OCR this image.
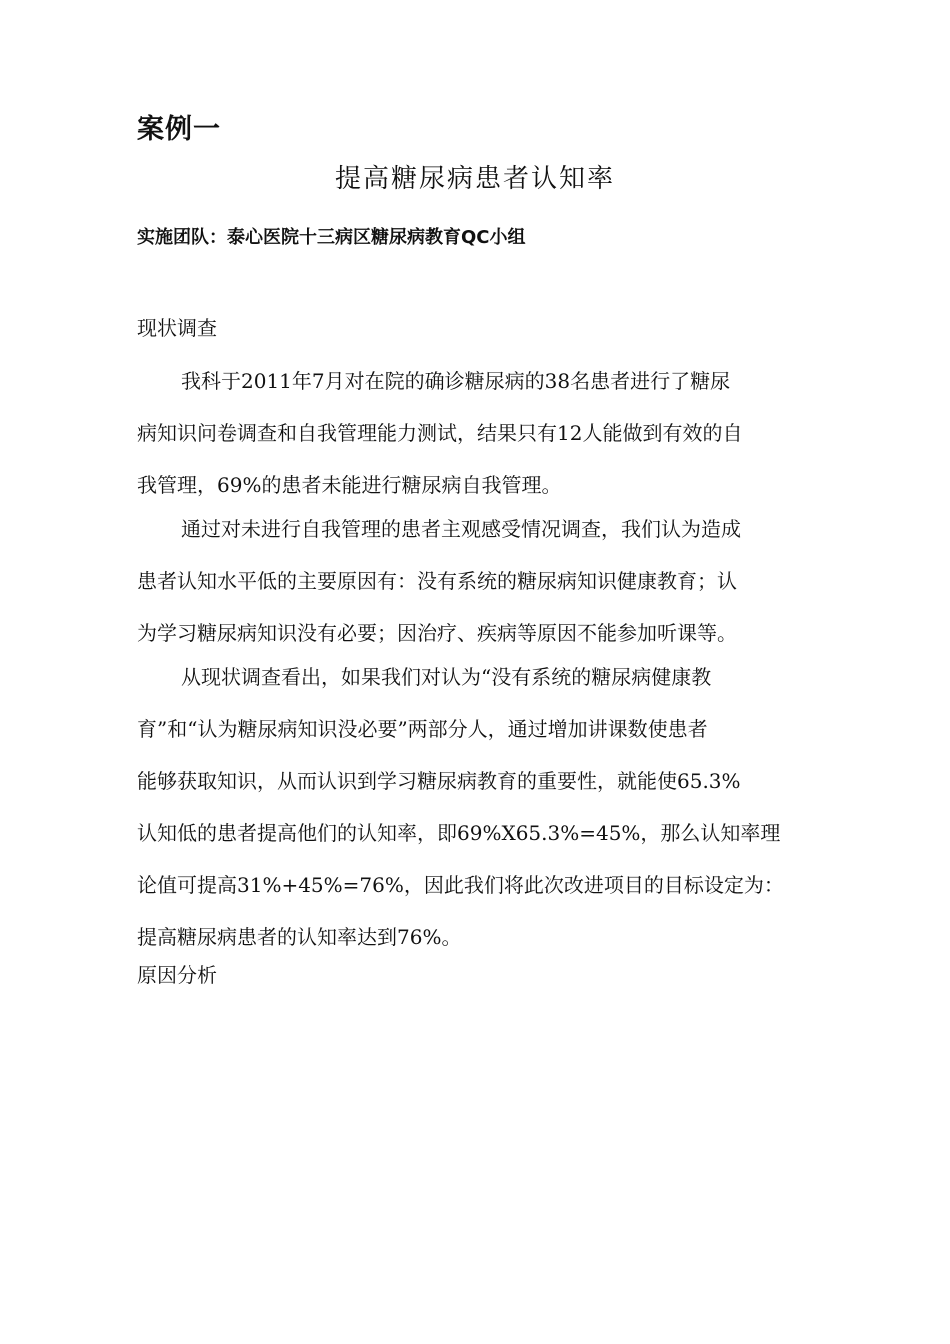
案例一
提高糖尿病患者认知率
实施团队：泰心医院十三病区糖尿病教育QC小组
现状调查
我科于2011年7月对在院的确诊糖尿病的38名患者进行了糖尿
病知识问卷调查和自我管理能力测试，结果只有12人能做到有效的自
我管理，69%的患者未能进行糖尿病自我管理。
通过对未进行自我管理的患者主观感受情况调查，我们认为造成
患者认知水平低的主要原因有：没有系统的糖尿病知识健康教育；认
为学习糖尿病知识没有必要；因治疗、疾病等原因不能参加听课等。
从现状调查看出，如果我们对认为“没有系统的糖尿病健康教
育”和“认为糖尿病知识没必要”两部分人，通过增加讲课数使患者
能够获取知识，从而认识到学习糖尿病教育的重要性，就能使65.3%
认知低的患者提高他们的认知率，即69%X65.3%=45%，那么认知率理
论值可提高31%+45%=76%，因此我们将此次改进项目的目标设定为：
提高糖尿病患者的认知率达到76%。
原因分析
